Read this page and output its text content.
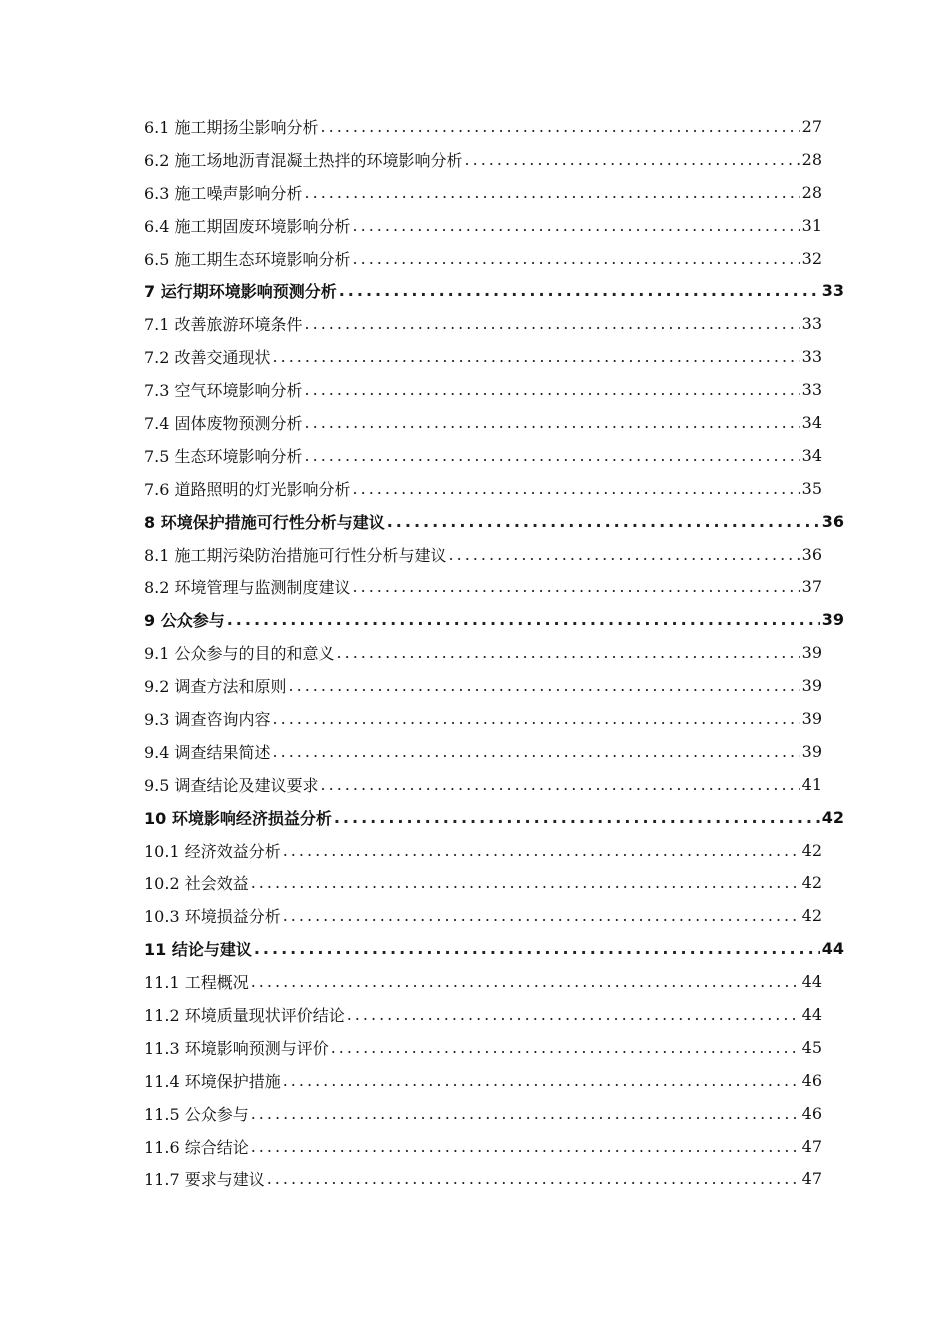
6.1 施工期扬尘影响分析 .....	27
6.2 施工场地沥青混凝土热拌的环境影响分析 .....	28
6.3 施工噪声影响分析 .....	28
6.4 施工期固废环境影响分析 .....	31
6.5 施工期生态环境影响分析 .....	32
7 运行期环境影响预测分析 .....	33
7.1 改善旅游环境条件 .....	33
7.2 改善交通现状 .....	33
7.3 空气环境影响分析 .....	33
7.4 固体废物预测分析 .....	34
7.5 生态环境影响分析 .....	34
7.6 道路照明的灯光影响分析 .....	35
8 环境保护措施可行性分析与建议 .....	36
8.1 施工期污染防治措施可行性分析与建议 .....	36
8.2 环境管理与监测制度建议 .....	37
9 公众参与 .....	39
9.1 公众参与的目的和意义 .....	39
9.2 调查方法和原则 .....	39
9.3 调查咨询内容 .....	39
9.4 调查结果简述 .....	39
9.5 调查结论及建议要求 .....	41
10 环境影响经济损益分析 .....	42
10.1 经济效益分析 .....	42
10.2 社会效益 .....	42
10.3 环境损益分析 .....	42
11 结论与建议 .....	44
11.1 工程概况 .....	44
11.2 环境质量现状评价结论 .....	44
11.3 环境影响预测与评价 .....	45
11.4 环境保护措施 .....	46
11.5 公众参与 .....	46
11.6 综合结论 .....	47
11.7 要求与建议 .....	47
